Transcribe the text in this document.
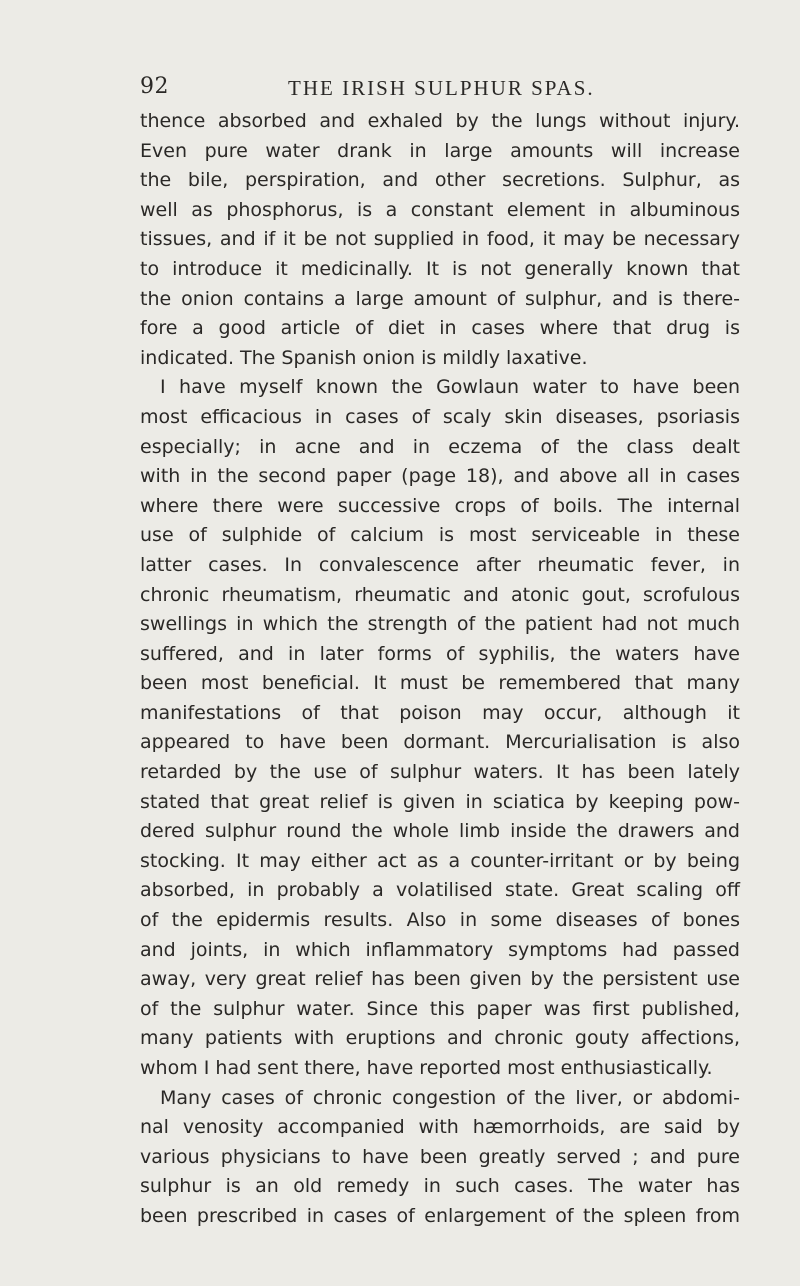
92	THE IRISH SULPHUR SPAS.
thence absorbed and exhaled by the lungs without injury.
Even pure water drank in large amounts will increase
the bile, perspiration, and other secretions. Sulphur, as
well as phosphorus, is a constant element in albuminous
tissues, and if it be not supplied in food, it may be necessary
to introduce it medicinally. It is not generally known that
the onion contains a large amount of sulphur, and is there-
fore a good article of diet in cases where that drug is
indicated. The Spanish onion is mildly laxative.
I have myself known the Gowlaun water to have been
most efficacious in cases of scaly skin diseases, psoriasis
especially; in acne and in eczema of the class dealt
with in the second paper (page 18), and above all in cases
where there were successive crops of boils. The internal
use of sulphide of calcium is most serviceable in these
latter cases. In convalescence after rheumatic fever, in
chronic rheumatism, rheumatic and atonic gout, scrofulous
swellings in which the strength of the patient had not much
suffered, and in later forms of syphilis, the waters have
been most beneficial. It must be remembered that many
manifestations of that poison may occur, although it
appeared to have been dormant. Mercurialisation is also
retarded by the use of sulphur waters. It has been lately
stated that great relief is given in sciatica by keeping pow-
dered sulphur round the whole limb inside the drawers and
stocking. It may either act as a counter-irritant or by being
absorbed, in probably a volatilised state. Great scaling off
of the epidermis results. Also in some diseases of bones
and joints, in which inflammatory symptoms had passed
away, very great relief has been given by the persistent use
of the sulphur water. Since this paper was first published,
many patients with eruptions and chronic gouty affections,
whom I had sent there, have reported most enthusiastically.
Many cases of chronic congestion of the liver, or abdomi-
nal venosity accompanied with hæmorrhoids, are said by
various physicians to have been greatly served ; and pure
sulphur is an old remedy in such cases. The water has
been prescribed in cases of enlargement of the spleen from
